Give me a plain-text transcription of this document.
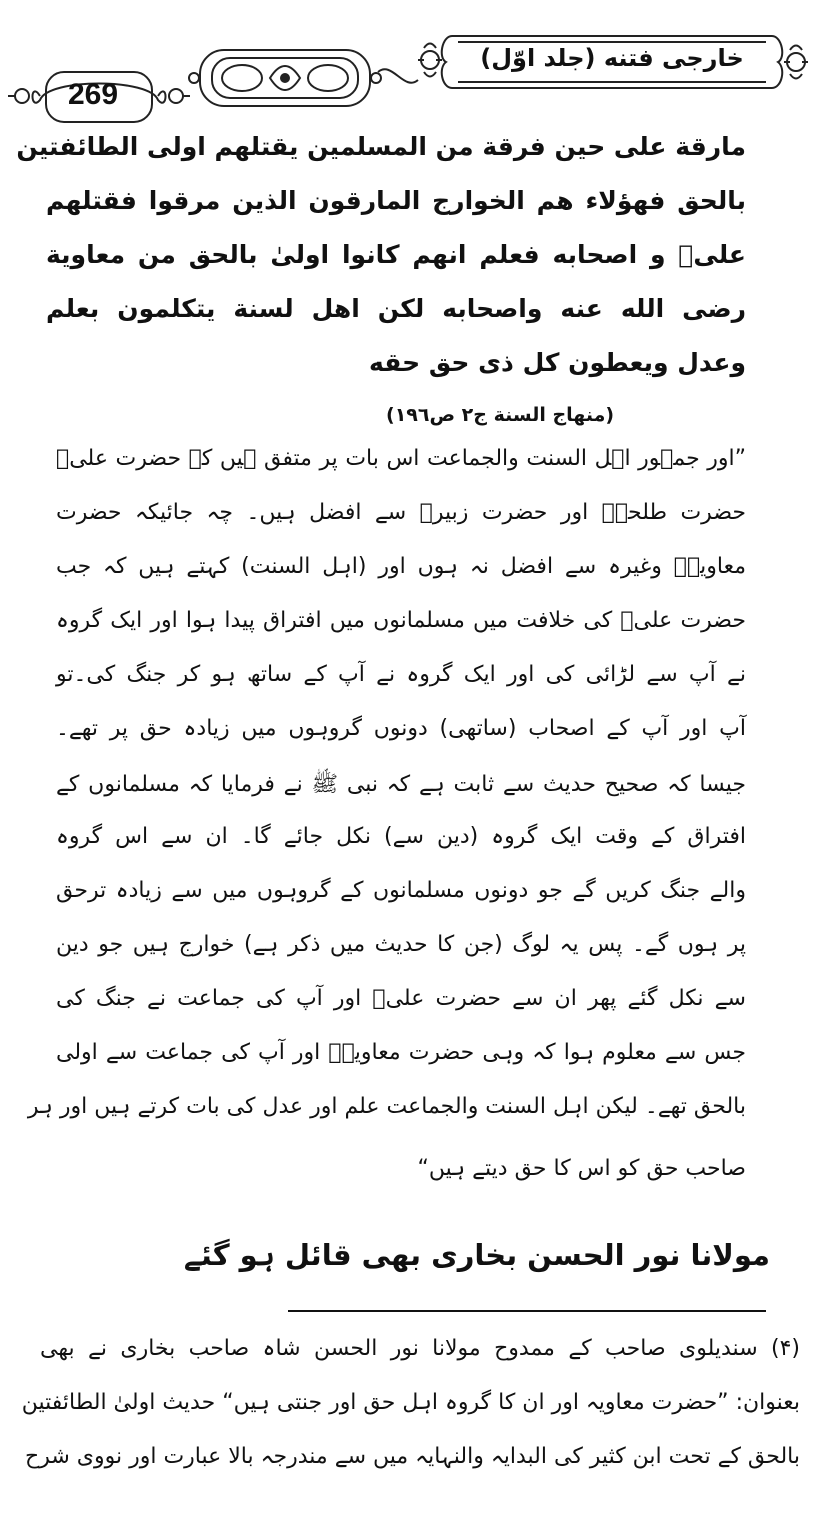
269
خارجی فتنه (جلد اوّل)
مارقة على حين فرقة من المسلمين يقتلهم اولى الطائفتين
بالحق فهؤلاء هم الخوارج المارقون الذين مرقوا فقتلهم
علیؓ و اصحابه فعلم انهم كانوا اولیٰ بالحق من معاوية
رضى الله عنه واصحابه لكن اهل لسنة يتكلمون بعلم
وعدل ويعطون كل ذى حق حقه
(منهاج السنة ج٢ ص١٩٦)
”اور جمہور اہل السنت والجماعت اس بات پر متفق ہیں کہ حضرت علیؓ
حضرت طلحہؓ اور حضرت زبیرؓ سے افضل ہیں۔ چہ جائیکہ حضرت
معاویہؓ وغیرہ سے افضل نہ ہوں اور (اہل السنت) کہتے ہیں کہ جب
حضرت علیؓ کی خلافت میں مسلمانوں میں افتراق پیدا ہوا اور ایک گروہ
نے آپ سے لڑائی کی اور ایک گروہ نے آپ کے ساتھ ہو کر جنگ کی۔تو
آپ اور آپ کے اصحاب (ساتھی) دونوں گروہوں میں زیادہ حق پر تھے۔
جیسا کہ صحیح حدیث سے ثابت ہے کہ نبی ﷺ نے فرمایا کہ مسلمانوں کے
افتراق کے وقت ایک گروہ (دین سے) نکل جائے گا۔ ان سے اس گروہ
والے جنگ کریں گے جو دونوں مسلمانوں کے گروہوں میں سے زیادہ ترحق
پر ہوں گے۔ پس یہ لوگ (جن کا حدیث میں ذکر ہے) خوارج ہیں جو دین
سے نکل گئے پھر ان سے حضرت علیؓ اور آپ کی جماعت نے جنگ کی
جس سے معلوم ہوا کہ وہی حضرت معاویہؓ اور آپ کی جماعت سے اولی
بالحق تھے۔ لیکن اہل السنت والجماعت علم اور عدل کی بات کرتے ہیں اور ہر
صاحب حق کو اس کا حق دیتے ہیں“
مولانا نور الحسن بخاری بھی قائل ہو گئے
(۴) سندیلوی صاحب کے ممدوح مولانا نور الحسن شاہ صاحب بخاری نے بھی
بعنوان: ”حضرت معاویہ اور ان کا گروہ اہل حق اور جنتی ہیں“ حدیث اولیٰ الطائفتین
بالحق کے تحت ابن کثیر کی البدایہ والنہایہ میں سے مندرجہ بالا عبارت اور نووی شرح
